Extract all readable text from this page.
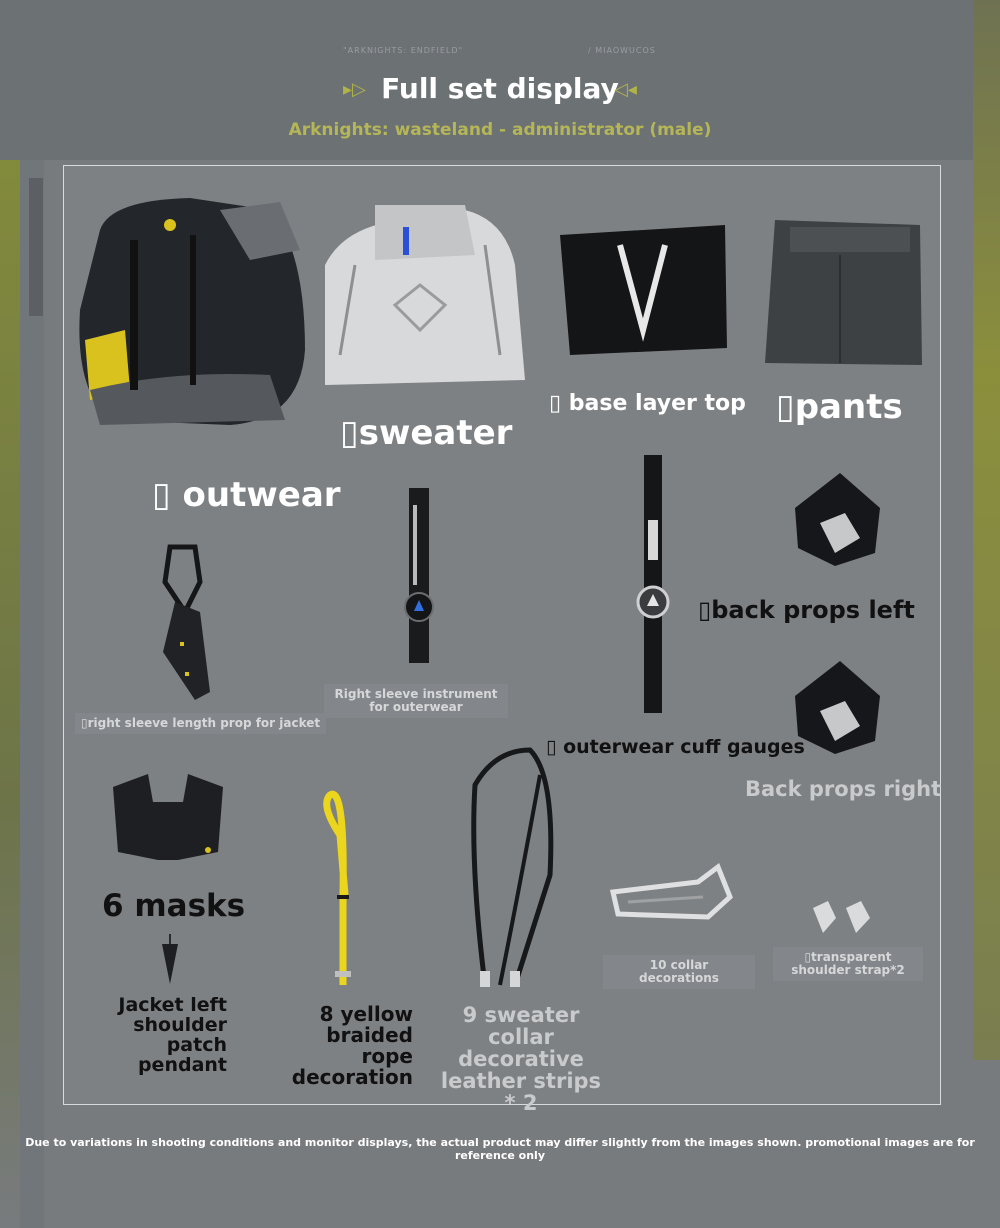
"ARKNIGHTS: ENDFIELD"	/ MIAOWUCOS
▸▷ Full set display
◁◂
Arknights: wasteland - administrator (male)
▯ outwear
▯sweater
▯ base layer top ▯pants
▯right sleeve length prop for jacket
Right sleeve instrument for outerwear
▯ outerwear cuff gauges
▯back props left
Back props right
6 masks
Jacket left shoulder patch pendant
8 yellow braided rope decoration
9 sweater collar decorative leather strips * 2
10 collar decorations
▯transparent shoulder strap*2
Due to variations in shooting conditions and monitor displays, the actual product may differ slightly from the images shown. promotional images are for reference only
